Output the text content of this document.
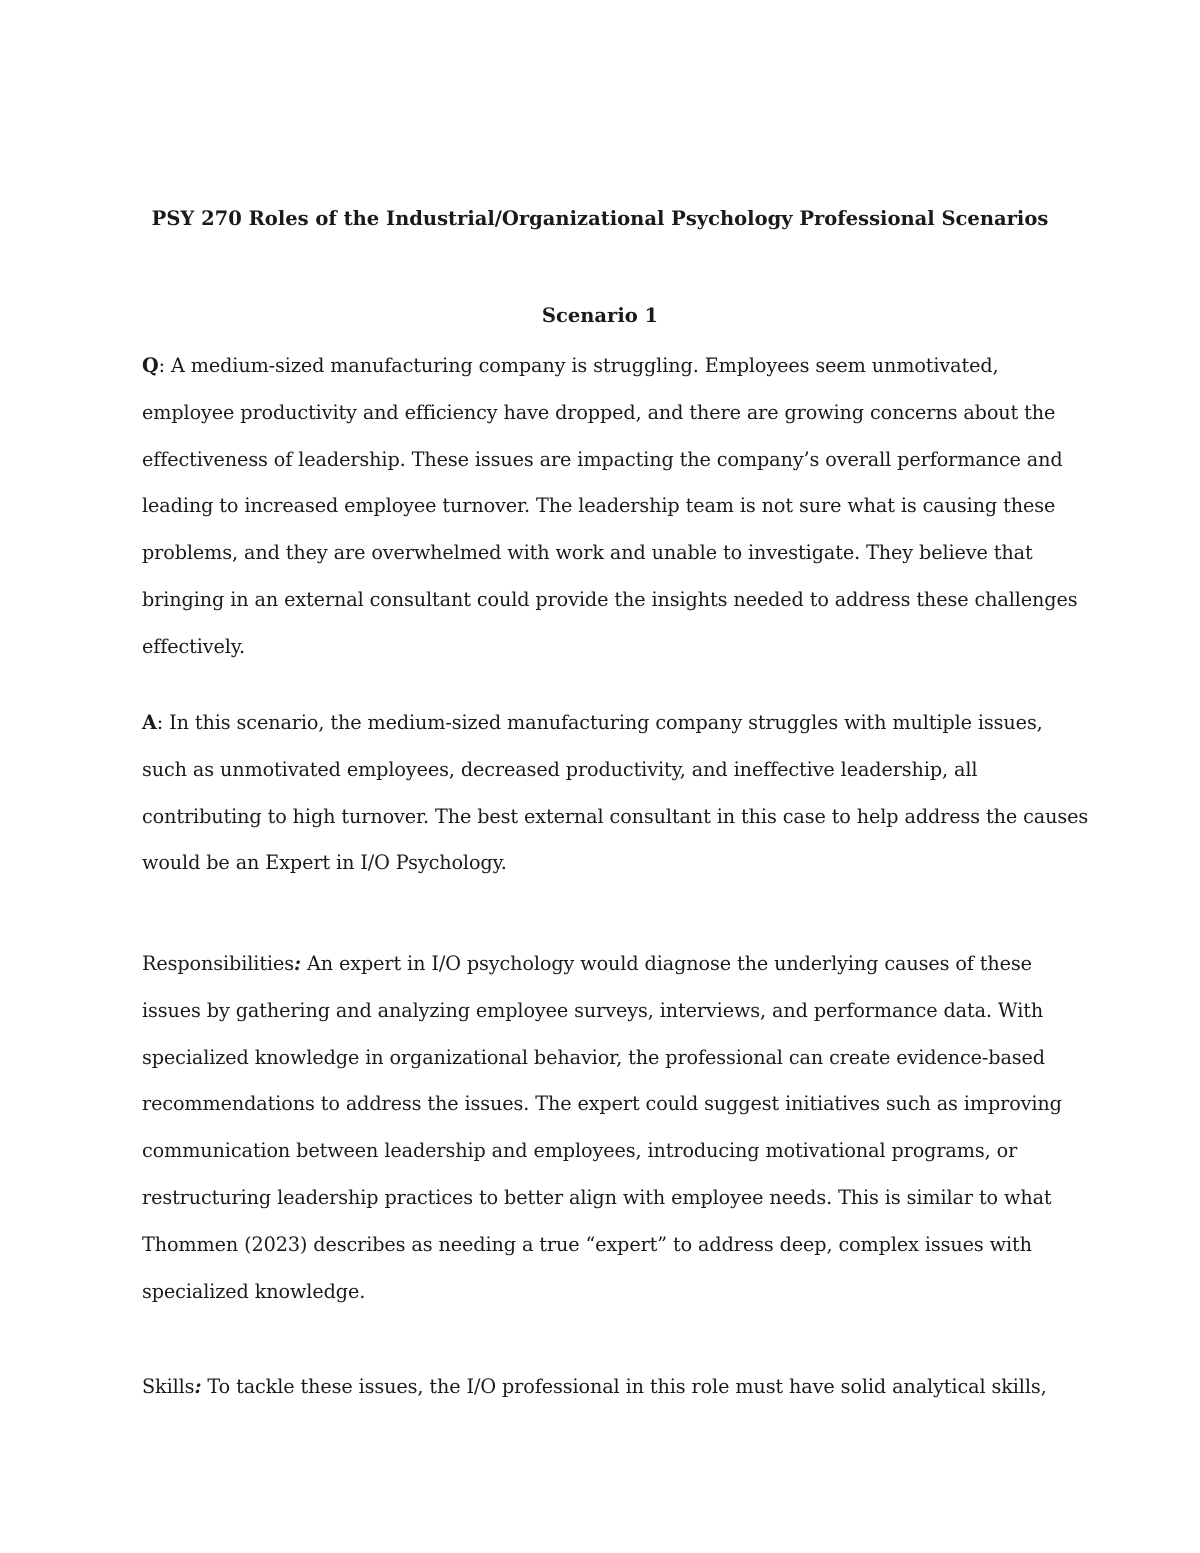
PSY 270 Roles of the Industrial/Organizational Psychology Professional Scenarios
Scenario 1
Q: A medium-sized manufacturing company is struggling. Employees seem unmotivated,
employee productivity and efficiency have dropped, and there are growing concerns about the
effectiveness of leadership. These issues are impacting the company’s overall performance and
leading to increased employee turnover. The leadership team is not sure what is causing these
problems, and they are overwhelmed with work and unable to investigate. They believe that
bringing in an external consultant could provide the insights needed to address these challenges
effectively.
A: In this scenario, the medium-sized manufacturing company struggles with multiple issues,
such as unmotivated employees, decreased productivity, and ineffective leadership, all
contributing to high turnover. The best external consultant in this case to help address the causes
would be an Expert in I/O Psychology.
Responsibilities: An expert in I/O psychology would diagnose the underlying causes of these
issues by gathering and analyzing employee surveys, interviews, and performance data. With
specialized knowledge in organizational behavior, the professional can create evidence-based
recommendations to address the issues. The expert could suggest initiatives such as improving
communication between leadership and employees, introducing motivational programs, or
restructuring leadership practices to better align with employee needs. This is similar to what
Thommen (2023) describes as needing a true “expert” to address deep, complex issues with
specialized knowledge.
Skills: To tackle these issues, the I/O professional in this role must have solid analytical skills,
